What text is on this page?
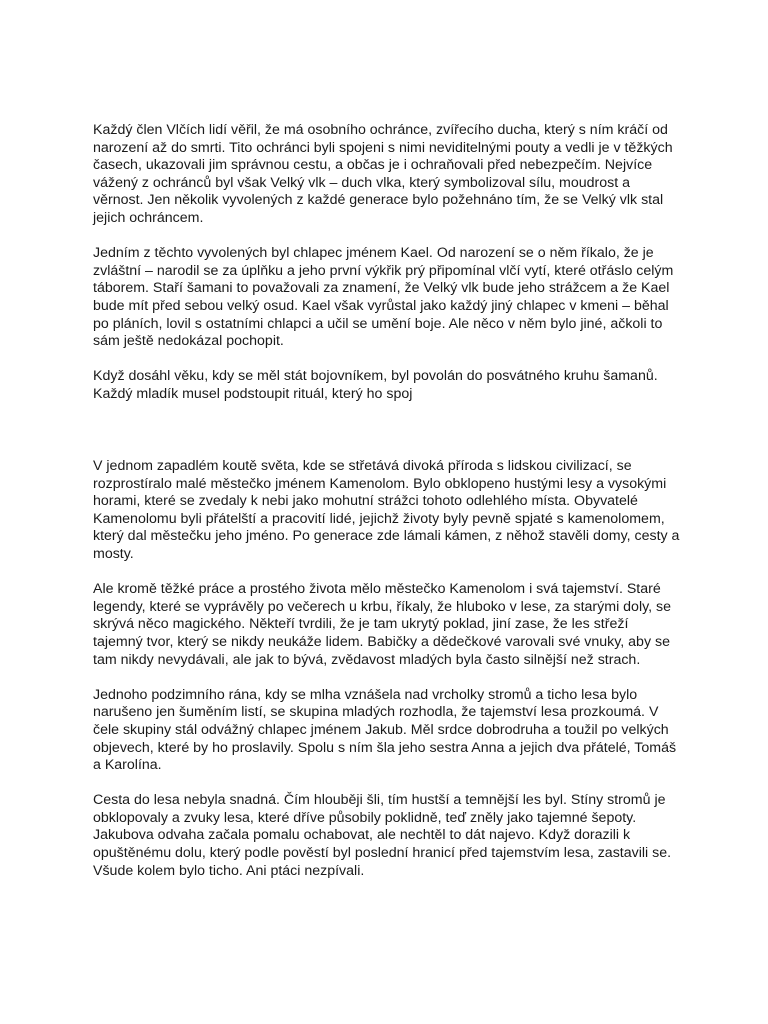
Každý člen Vlčích lidí věřil, že má osobního ochránce, zvířecího ducha, který s ním kráčí od narození až do smrti. Tito ochránci byli spojeni s nimi neviditelnými pouty a vedli je v těžkých časech, ukazovali jim správnou cestu, a občas je i ochraňovali před nebezpečím. Nejvíce vážený z ochránců byl však Velký vlk – duch vlka, který symbolizoval sílu, moudrost a věrnost. Jen několik vyvolených z každé generace bylo požehnáno tím, že se Velký vlk stal jejich ochráncem.

Jedním z těchto vyvolených byl chlapec jménem Kael. Od narození se o něm říkalo, že je zvláštní – narodil se za úplňku a jeho první výkřik prý připomínal vlčí vytí, které otřáslo celým táborem. Staří šamani to považovali za znamení, že Velký vlk bude jeho strážcem a že Kael bude mít před sebou velký osud. Kael však vyrůstal jako každý jiný chlapec v kmeni – běhal po pláních, lovil s ostatními chlapci a učil se umění boje. Ale něco v něm bylo jiné, ačkoli to sám ještě nedokázal pochopit.

Když dosáhl věku, kdy se měl stát bojovníkem, byl povolán do posvátného kruhu šamanů. Každý mladík musel podstoupit rituál, který ho spoj

V jednom zapadlém koutě světa, kde se střetává divoká příroda s lidskou civilizací, se rozprostíralo malé městečko jménem Kamenolom. Bylo obklopeno hustými lesy a vysokými horami, které se zvedaly k nebi jako mohutní strážci tohoto odlehlého místa. Obyvatelé Kamenolomu byli přátelští a pracovití lidé, jejichž životy byly pevně spjaté s kamenolomem, který dal městečku jeho jméno. Po generace zde lámali kámen, z něhož stavěli domy, cesty a mosty.

Ale kromě těžké práce a prostého života mělo městečko Kamenolom i svá tajemství. Staré legendy, které se vyprávěly po večerech u krbu, říkaly, že hluboko v lese, za starými doly, se skrývá něco magického. Někteří tvrdili, že je tam ukrytý poklad, jiní zase, že les střeží tajemný tvor, který se nikdy neukáže lidem. Babičky a dědečkové varovali své vnuky, aby se tam nikdy nevydávali, ale jak to bývá, zvědavost mladých byla často silnější než strach.

Jednoho podzimního rána, kdy se mlha vznášela nad vrcholky stromů a ticho lesa bylo narušeno jen šuměním listí, se skupina mladých rozhodla, že tajemství lesa prozkoumá. V čele skupiny stál odvážný chlapec jménem Jakub. Měl srdce dobrodruha a toužil po velkých objevech, které by ho proslavily. Spolu s ním šla jeho sestra Anna a jejich dva přátelé, Tomáš a Karolína.

Cesta do lesa nebyla snadná. Čím hlouběji šli, tím hustší a temnější les byl. Stíny stromů je obklopovaly a zvuky lesa, které dříve působily poklidně, teď zněly jako tajemné šepoty. Jakubova odvaha začala pomalu ochabovat, ale nechtěl to dát najevo. Když dorazili k opuštěnému dolu, který podle pověstí byl poslední hranicí před tajemstvím lesa, zastavili se. Všude kolem bylo ticho. Ani ptáci nezpívali.
